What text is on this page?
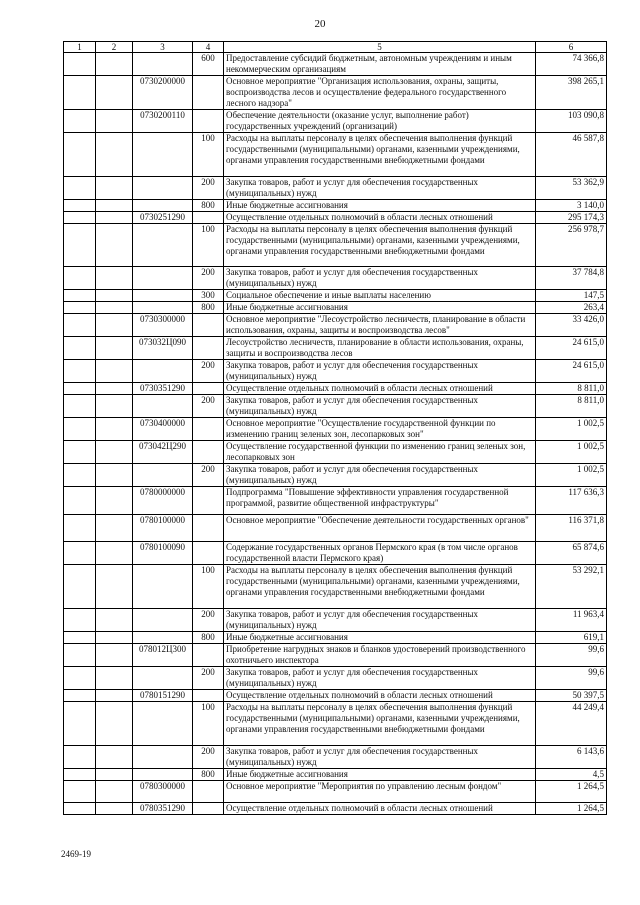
20
1	2	3	4	5	6
			600	Предоставление субсидий бюджетным, автономным учреждениям и иным некоммерческим организациям	74 366,8
		0730200000		Основное мероприятие "Организация использования, охраны, защиты, воспроизводства лесов и осуществление федерального государственного лесного надзора"	398 265,1
		0730200110		Обеспечение деятельности (оказание услуг, выполнение работ) государственных учреждений (организаций)	103 090,8
			100	Расходы на выплаты персоналу в целях обеспечения выполнения функций государственными (муниципальными) органами, казенными учреждениями, органами управления государственными внебюджетными фондами	46 587,8
			200	Закупка товаров, работ и услуг для обеспечения государственных (муниципальных) нужд	53 362,9
			800	Иные бюджетные ассигнования	3 140,0
		0730251290		Осуществление отдельных полномочий в области лесных отношений	295 174,3
			100	Расходы на выплаты персоналу в целях обеспечения выполнения функций государственными (муниципальными) органами, казенными учреждениями, органами управления государственными внебюджетными фондами	256 978,7
			200	Закупка товаров, работ и услуг для обеспечения государственных (муниципальных) нужд	37 784,8
			300	Социальное обеспечение и иные выплаты населению	147,5
			800	Иные бюджетные ассигнования	263,4
		0730300000		Основное мероприятие "Лесоустройство лесничеств, планирование в области использования, охраны, защиты и воспроизводства лесов"	33 426,0
		073032Ц090		Лесоустройство лесничеств, планирование в области использования, охраны, защиты и воспроизводства лесов	24 615,0
			200	Закупка товаров, работ и услуг для обеспечения государственных (муниципальных) нужд	24 615,0
		0730351290		Осуществление отдельных полномочий в области лесных отношений	8 811,0
			200	Закупка товаров, работ и услуг для обеспечения государственных (муниципальных) нужд	8 811,0
		0730400000		Основное мероприятие "Осуществление государственной функции по изменению границ зеленых зон, лесопарковых зон"	1 002,5
		073042Ц290		Осуществление государственной функции по изменению границ зеленых зон, лесопарковых зон	1 002,5
			200	Закупка товаров, работ и услуг для обеспечения государственных (муниципальных) нужд	1 002,5
		0780000000		Подпрограмма "Повышение эффективности управления государственной программой, развитие общественной инфраструктуры"	117 636,3
		0780100000		Основное мероприятие "Обеспечение деятельности государственных органов"	116 371,8
		0780100090		Содержание государственных органов Пермского края (в том числе органов государственной власти Пермского края)	65 874,6
			100	Расходы на выплаты персоналу в целях обеспечения выполнения функций государственными (муниципальными) органами, казенными учреждениями, органами управления государственными внебюджетными фондами	53 292,1
			200	Закупка товаров, работ и услуг для обеспечения государственных (муниципальных) нужд	11 963,4
			800	Иные бюджетные ассигнования	619,1
		078012Ц300		Приобретение нагрудных знаков и бланков удостоверений производственного охотничьего инспектора	99,6
			200	Закупка товаров, работ и услуг для обеспечения государственных (муниципальных) нужд	99,6
		0780151290		Осуществление отдельных полномочий в области лесных отношений	50 397,5
			100	Расходы на выплаты персоналу в целях обеспечения выполнения функций государственными (муниципальными) органами, казенными учреждениями, органами управления государственными внебюджетными фондами	44 249,4
			200	Закупка товаров, работ и услуг для обеспечения государственных (муниципальных) нужд	6 143,6
			800	Иные бюджетные ассигнования	4,5
		0780300000		Основное мероприятие "Мероприятия по управлению лесным фондом"	1 264,5
		0780351290		Осуществление отдельных полномочий в области лесных отношений	1 264,5
2469-19
